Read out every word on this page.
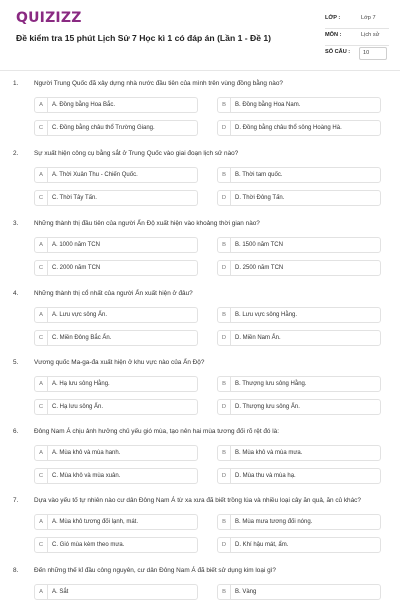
QUIZIZZ
Đề kiểm tra 15 phút Lịch Sử 7 Học kì 1 có đáp án (Lần 1 - Đề 1)
LỚP :	Lớp 7
MÔN :	Lịch sử
SỐ CÂU : 10
1. Người Trung Quốc đã xây dựng nhà nước đầu tiên của mình trên vùng đồng bằng nào?
A	A. Đồng bằng Hoa Bắc.	B	B. Đồng bằng Hoa Nam.
C	C. Đồng bằng châu thổ Trường Giang.	D	D. Đồng bằng châu thổ sông Hoàng Hà.
2. Sự xuất hiện công cụ bằng sắt ở Trung Quốc vào giai đoạn lịch sử nào?
A	A. Thời Xuân Thu - Chiến Quốc.	B	B. Thời tam quốc.
C	C. Thời Tây Tấn.	D	D. Thời Đông Tấn.
3. Những thành thị đầu tiên của người Ấn Độ xuất hiện vào khoảng thời gian nào?
A	A. 1000 năm TCN	B	B. 1500 năm TCN
C	C. 2000 năm TCN	D	D. 2500 năm TCN
4. Những thành thị cổ nhất của người Ấn xuất hiện ở đâu?
A	A. Lưu vực sông Ấn.	B	B. Lưu vực sông Hằng.
C	C. Miền Đông Bắc Ấn.	D	D. Miền Nam Ấn.
5. Vương quốc Ma-ga-đa xuất hiện ở khu vực nào của Ấn Độ?
A	A. Hạ lưu sông Hằng.	B	B. Thượng lưu sông Hằng.
C	C. Hạ lưu sông Ấn.	D	D. Thượng lưu sông Ấn.
6. Đông Nam Á chịu ảnh hưởng chủ yếu gió mùa, tạo nên hai mùa tương đối rõ rệt đó là:
A	A. Mùa khô và mùa hanh.	B	B. Mùa khô và mùa mưa.
C	C. Mùa khô và mùa xuân.	D	D. Mùa thu và mùa hạ.
7. Dựa vào yếu tố tự nhiên nào cư dân Đông Nam Á từ xa xưa đã biết trồng lúa và nhiều loại cây ăn quả, ăn củ khác?
A	A. Mùa khô tương đối lạnh, mát.	B	B. Mùa mưa tương đối nóng.
C	C. Gió mùa kèm theo mưa.	D	D. Khí hậu mát, ẩm.
8. Đến những thế kỉ đầu công nguyên, cư dân Đông Nam Á đã biết sử dụng kim loại gì?
A	A. Sắt	B	B. Vàng
